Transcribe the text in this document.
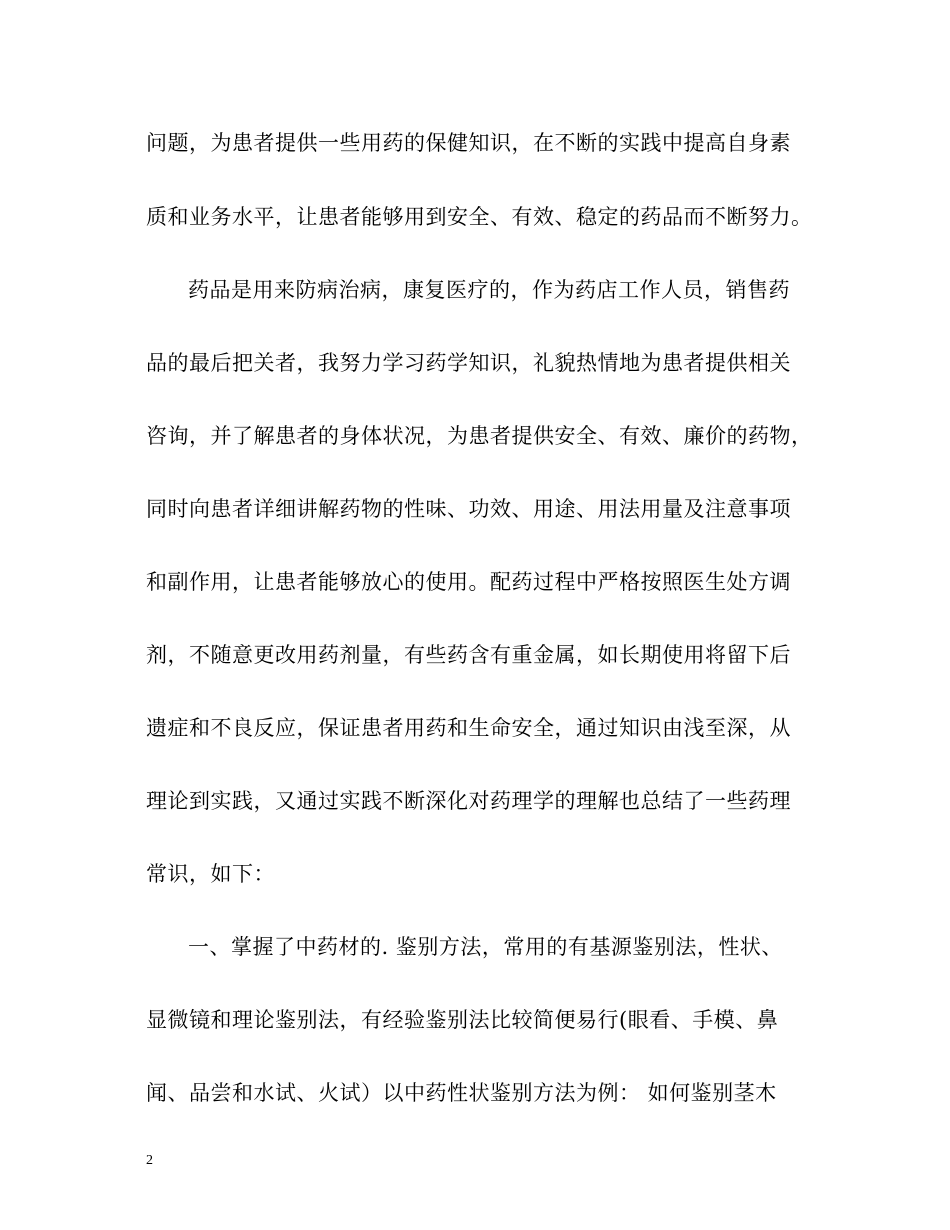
问题，为患者提供一些用药的保健知识，在不断的实践中提高自身素
质和业务水平，让患者能够用到安全、有效、稳定的药品而不断努力。
药品是用来防病治病，康复医疗的，作为药店工作人员，销售药
品的最后把关者，我努力学习药学知识，礼貌热情地为患者提供相关
咨询，并了解患者的身体状况，为患者提供安全、有效、廉价的药物，
同时向患者详细讲解药物的性味、功效、用途、用法用量及注意事项
和副作用，让患者能够放心的使用。配药过程中严格按照医生处方调
剂，不随意更改用药剂量，有些药含有重金属，如长期使用将留下后
遗症和不良反应，保证患者用药和生命安全，通过知识由浅至深，从
理论到实践，又通过实践不断深化对药理学的理解也总结了一些药理
常识，如下：
一、掌握了中药材的. 鉴别方法，常用的有基源鉴别法，性状、
显微镜和理论鉴别法，有经验鉴别法比较简便易行(眼看、手模、鼻
闻、品尝和水试、火试）以中药性状鉴别方法为例： 如何鉴别茎木
2
